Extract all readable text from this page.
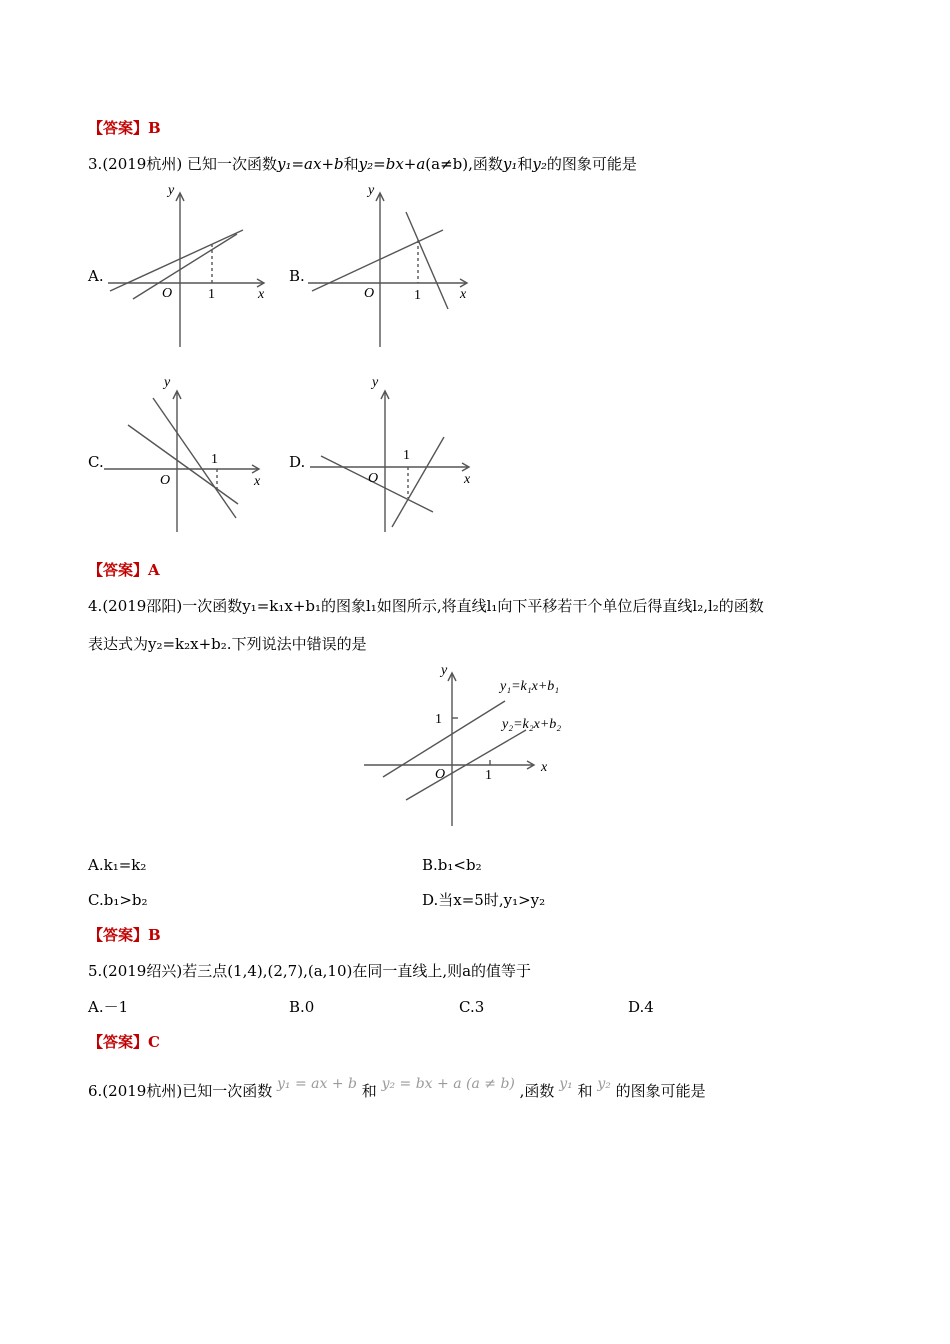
【答案】B
3.(2019杭州) 已知一次函数y₁=ax+b和y₂=bx+a(a≠b),函数y₁和y₂的图象可能是
A.	B.
C.	D.
y
x
O	1
y
x
O	1
y
x
O
1
y
x
O
1
【答案】A
4.(2019邵阳)一次函数y₁=k₁x+b₁的图象l₁如图所示,将直线l₁向下平移若干个单位后得直线l₂,l₂的函数
表达式为y₂=k₂x+b₂.下列说法中错误的是
y
x
O	1
1
y₁=k₁x+b₁
y₂=k₂x+b₂
A.k₁=k₂	B.b₁<b₂
C.b₁>b₂	D.当x=5时,y₁>y₂
【答案】B
5.(2019绍兴)若三点(1,4),(2,7),(a,10)在同一直线上,则a的值等于
A.－1	B.0	C.3	D.4
【答案】C
6.(2019杭州)已知一次函数 y₁ = ax + b 和 y₂ = bx + a (a ≠ b) ,函数 y₁ 和 y₂ 的图象可能是
